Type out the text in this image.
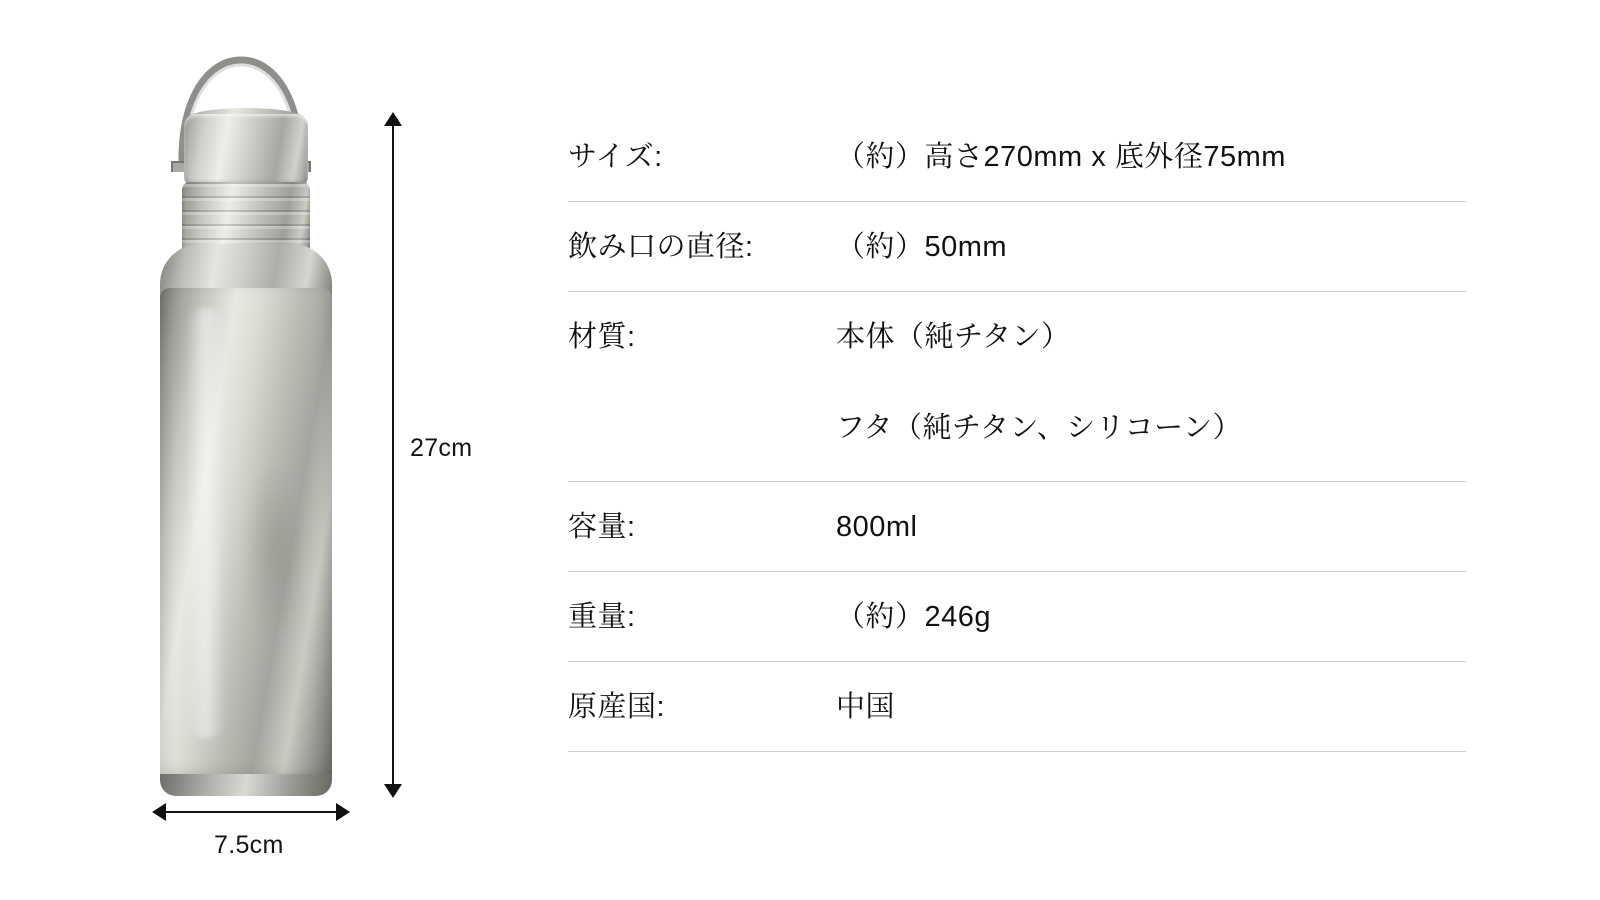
27cm
7.5cm
サイズ:	（約）高さ270mm x 底外径75mm
飲み口の直径:	（約）50mm
材質:	本体（純チタン）
フタ（純チタン、シリコーン）
容量:	800ml
重量:	（約）246g
原産国:	中国
